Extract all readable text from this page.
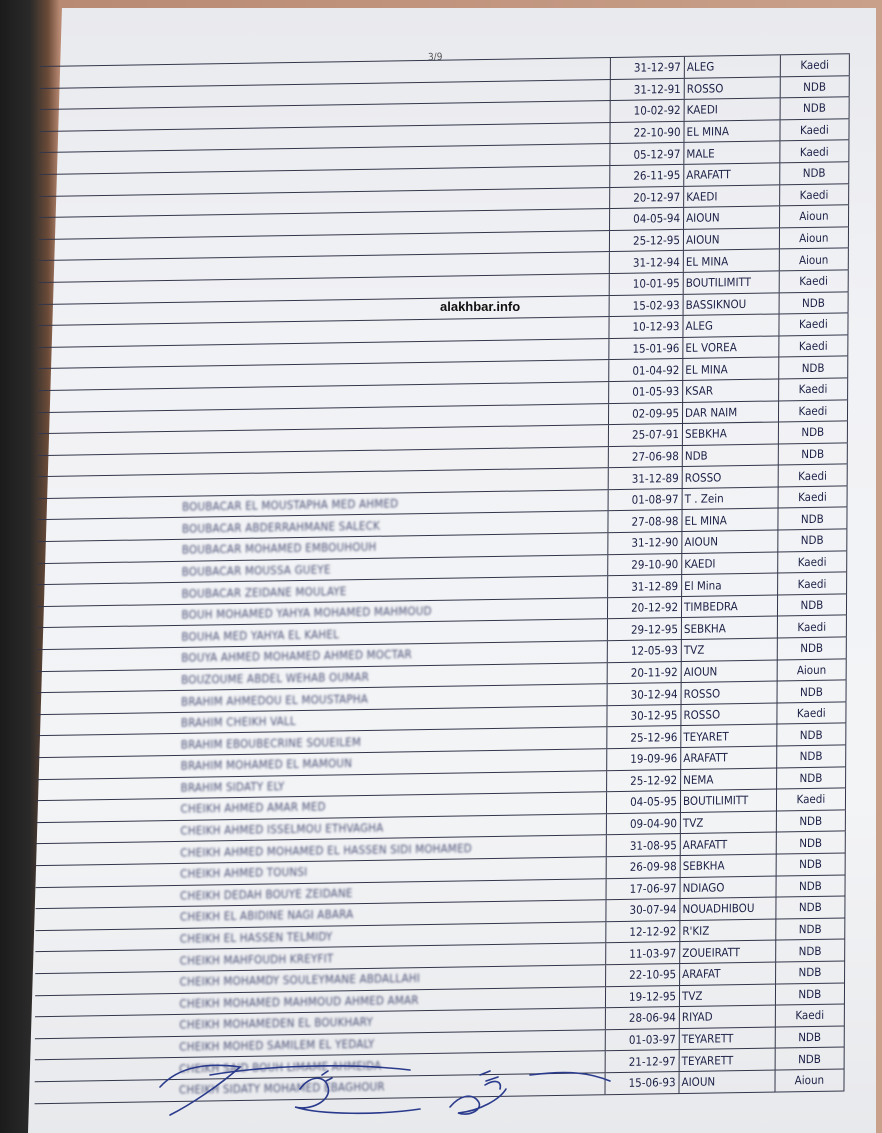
3/9
alakhbar.info
31-12-97 ALEG	Kaedi
31-12-91 ROSSO	NDB
10-02-92 KAEDI	NDB
22-10-90 EL MINA	Kaedi
05-12-97 MALE	Kaedi
26-11-95 ARAFATT	NDB
20-12-97 KAEDI	Kaedi
04-05-94 AIOUN	Aioun
25-12-95 AIOUN	Aioun
31-12-94 EL MINA	Aioun
10-01-95 BOUTILIMITT	Kaedi
15-02-93 BASSIKNOU	NDB
10-12-93 ALEG	Kaedi
15-01-96 EL VOREA	Kaedi
01-04-92 EL MINA	NDB
01-05-93 KSAR	Kaedi
02-09-95 DAR NAIM	Kaedi
25-07-91 SEBKHA	NDB
27-06-98 NDB	NDB
31-12-89 ROSSO	Kaedi
BOUBACAR EL MOUSTAPHA MED AHMED	01-08-97 T . Zein	Kaedi
BOUBACAR ABDERRAHMANE SALECK	27-08-98 EL MINA	NDB
BOUBACAR MOHAMED EMBOUHOUH	31-12-90 AIOUN	NDB
BOUBACAR MOUSSA GUEYE	29-10-90 KAEDI	Kaedi
BOUBACAR ZEIDANE MOULAYE	31-12-89 El Mina	Kaedi
BOUH MOHAMED YAHYA MOHAMED MAHMOUD	20-12-92 TIMBEDRA	NDB
BOUHA MED YAHYA EL KAHEL	29-12-95 SEBKHA	Kaedi
BOUYA AHMED MOHAMED AHMED MOCTAR	12-05-93 TVZ	NDB
BOUZOUME ABDEL WEHAB OUMAR	20-11-92 AIOUN	Aioun
BRAHIM AHMEDOU EL MOUSTAPHA	30-12-94 ROSSO	NDB
BRAHIM CHEIKH VALL	30-12-95 ROSSO	Kaedi
BRAHIM EBOUBECRINE SOUEILEM	25-12-96 TEYARET	NDB
BRAHIM MOHAMED EL MAMOUN	19-09-96 ARAFATT	NDB
BRAHIM SIDATY ELY	25-12-92 NEMA	NDB
CHEIKH AHMED AMAR MED	04-05-95 BOUTILIMITT	Kaedi
CHEIKH AHMED ISSELMOU ETHVAGHA	09-04-90 TVZ	NDB
CHEIKH AHMED MOHAMED EL HASSEN SIDI MOHAMED	31-08-95 ARAFATT	NDB
CHEIKH AHMED TOUNSI	26-09-98 SEBKHA	NDB
CHEIKH DEDAH BOUYE ZEIDANE	17-06-97 NDIAGO	NDB
CHEIKH EL ABIDINE NAGI ABARA	30-07-94 NOUADHIBOU	NDB
CHEIKH EL HASSEN TELMIDY	12-12-92 R'KIZ	NDB
CHEIKH MAHFOUDH KREYFIT	11-03-97 ZOUEIRATT	NDB
CHEIKH MOHAMDY SOULEYMANE ABDALLAHI	22-10-95 ARAFAT	NDB
CHEIKH MOHAMED MAHMOUD AHMED AMAR	19-12-95 TVZ	NDB
CHEIKH MOHAMEDEN EL BOUKHARY	28-06-94 RIYAD	Kaedi
CHEIKH MOHED SAMILEM EL YEDALY	01-03-97 TEYARETT	NDB
CHEIKH SAID BOUH LIMAME AHMEIDA	21-12-97 TEYARETT	NDB
CHEIKH SIDATY MOHAMED EBAGHOUR	15-06-93 AIOUN	Aioun
